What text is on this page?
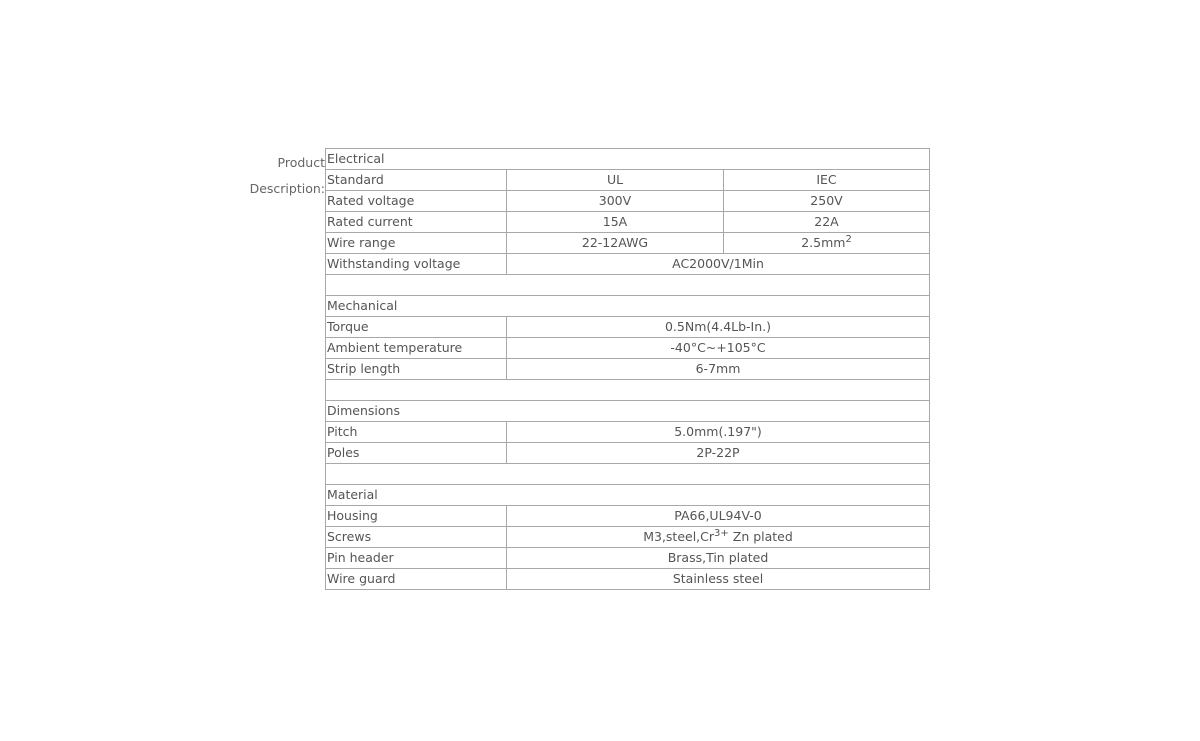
Product
Description:
Electrical		
Standard	UL	IEC
Rated voltage	300V	250V
Rated current	15A	22A
Wire range	22-12AWG	$2.5mm^2$
Withstanding voltage	AC2000V/1Min	

Mechanical		
Torque	0.5Nm(4.4Lb-In.)	
Ambient temperature	-40°C~+105°C	
Strip length	6-7mm	

Dimensions		
Pitch	5.0mm(.197")	
Poles	2P-22P	

Material		
Housing	PA66,UL94V-0	
Screws	$M3,steel,Cr^{3+}$ Zn plated	
Pin header	Brass,Tin plated	
Wire guard	Stainless steel	
